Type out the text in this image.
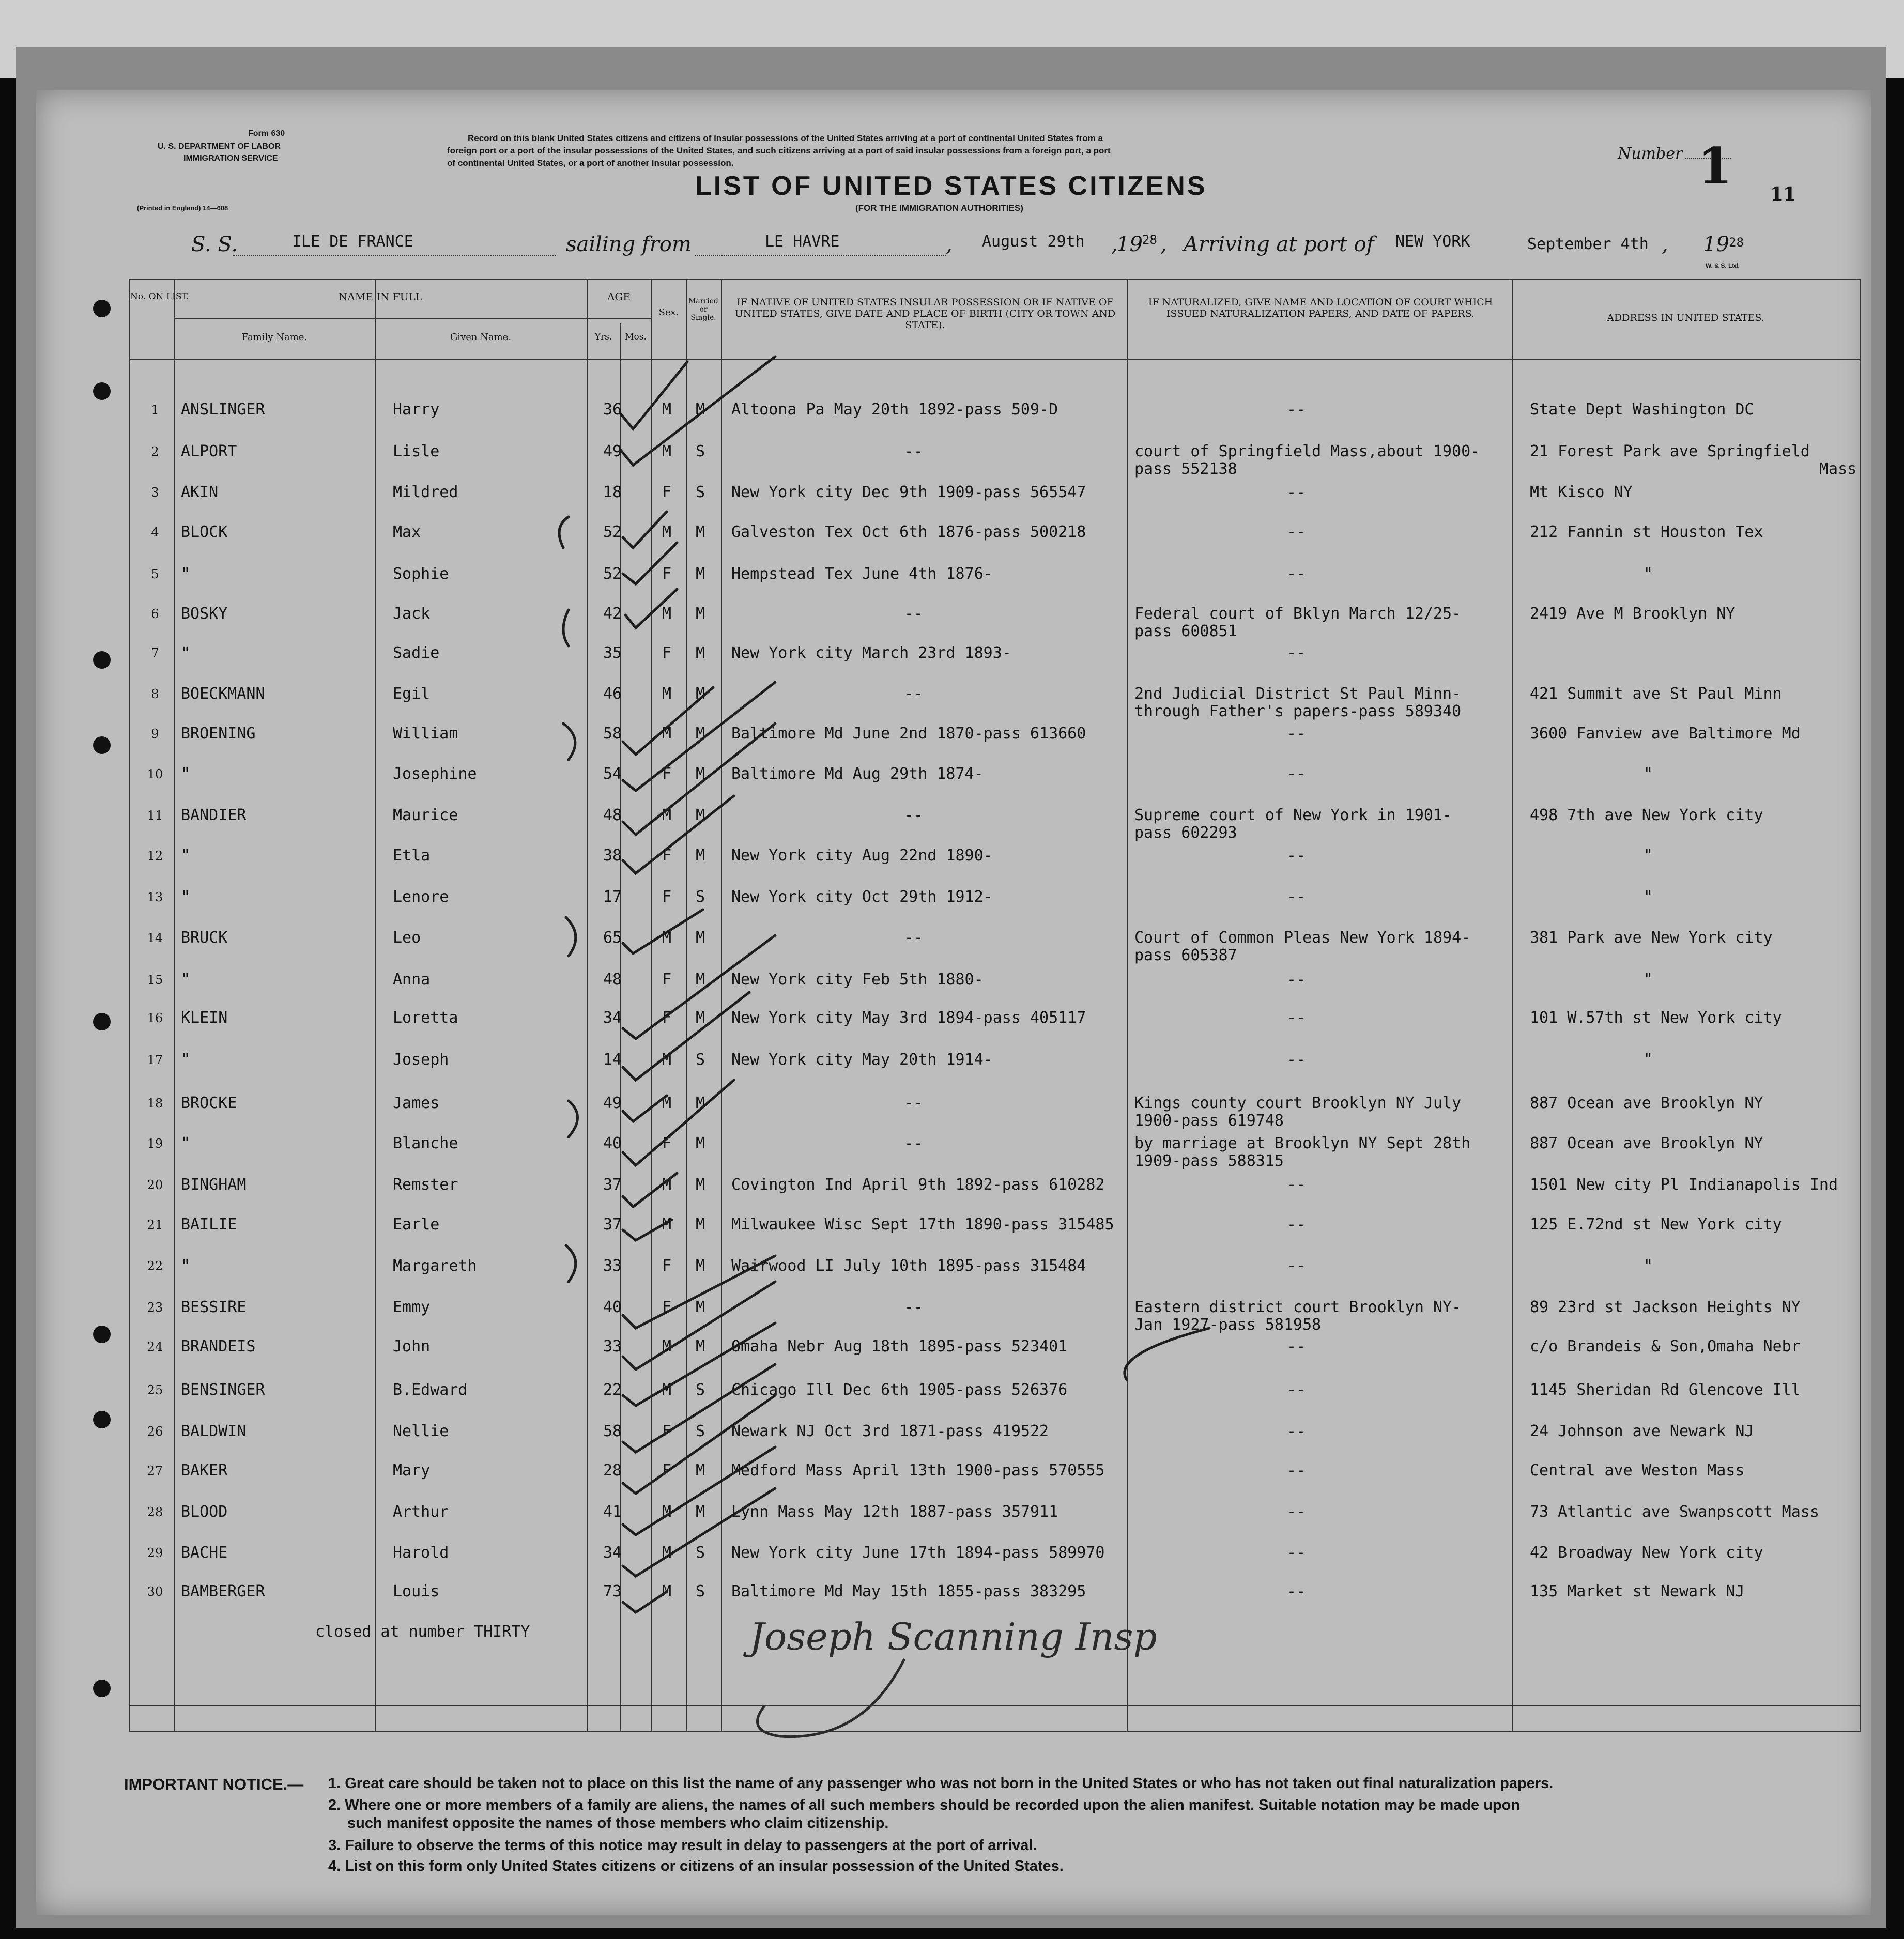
Form 630
U. S. DEPARTMENT OF LABOR
IMMIGRATION SERVICE
(Printed in England) 14—608
Record on this blank United States citizens and citizens of insular possessions of the United States arriving at a port of continental United States from a
foreign port or a port of the insular possessions of the United States, and such citizens arriving at a port of said insular possessions from a foreign port, a port
of continental United States, or a port of another insular possession.
LIST OF UNITED STATES CITIZENS
(FOR THE IMMIGRATION AUTHORITIES)
Number 1 11
S. S.	ILE DE FRANCE	sailing from	LE HAVRE	, August 29th ,
19 28 , Arriving at port of NEW YORK	September 4th , 19 28
W. & S. Ltd.
No. ON LIST.	NAME IN FULL
Family Name.	Given Name.
AGE
Yrs.	Mos.
Sex.
Married or Single.
IF NATIVE OF UNITED STATES INSULAR POSSESSION OR IF NATIVE OF UNITED STATES, GIVE DATE AND PLACE OF BIRTH (CITY OR TOWN AND STATE).
IF NATURALIZED, GIVE NAME AND LOCATION OF COURT WHICH ISSUED NATURALIZATION PAPERS, AND DATE OF PAPERS.	ADDRESS IN UNITED STATES.
1	ANSLINGER	Harry	36	M	M	Altoona Pa May 20th 1892-pass 509-D	--	State Dept Washington DC
2	ALPORT	Lisle	49	M	S	--	court of Springfield Mass,about 1900-
pass 552138
21 Forest Park ave Springfield
Mass
3	AKIN	Mildred	18	F	S	New York city Dec 9th 1909-pass 565547	--	Mt Kisco NY
4	BLOCK	Max	52	M	M	Galveston Tex Oct 6th 1876-pass 500218	--	212 Fannin st Houston Tex
5	"	Sophie	52	F	M	Hempstead Tex June 4th 1876-	--	"
6	BOSKY	Jack	42	M	M	--	Federal court of Bklyn March 12/25-
pass 600851
2419 Ave M Brooklyn NY
7	"	Sadie	35	F	M	New York city March 23rd 1893-	--
8	BOECKMANN	Egil	46	M	M	--	2nd Judicial District St Paul Minn-
through Father's papers-pass 589340
421 Summit ave St Paul Minn
9	BROENING	William	58	M	M	Baltimore Md June 2nd 1870-pass 613660	--	3600 Fanview ave Baltimore Md
10	"	Josephine	54	F	M	Baltimore Md Aug 29th 1874-	--	"
11	BANDIER	Maurice	48	M	M	--	Supreme court of New York in 1901-
pass 602293
498 7th ave New York city
12	"	Etla	38	F	M	New York city Aug 22nd 1890-	--	"
13	"	Lenore	17	F	S	New York city Oct 29th 1912-	--	"
14	BRUCK	Leo	65	M	M	--	Court of Common Pleas New York 1894-
pass 605387
381 Park ave New York city
15	"	Anna	48	F	M	New York city Feb 5th 1880-	--	"
16	KLEIN	Loretta	34	F	M	New York city May 3rd 1894-pass 405117	--	101 W.57th st New York city
17	"	Joseph	14	M	S	New York city May 20th 1914-	--	"
18	BROCKE	James	49	M	M	--	Kings county court Brooklyn NY July
1900-pass 619748
887 Ocean ave Brooklyn NY
19	"	Blanche	40	F	M	--	by marriage at Brooklyn NY Sept 28th
1909-pass 588315
887 Ocean ave Brooklyn NY
20	BINGHAM	Remster	37	M	M	Covington Ind April 9th 1892-pass 610282	--	1501 New city Pl Indianapolis Ind
21	BAILIE	Earle	37	M	M	Milwaukee Wisc Sept 17th 1890-pass 315485	--	125 E.72nd st New York city
22	"	Margareth	33	F	M	Wairwood LI July 10th 1895-pass 315484	--	"
23	BESSIRE	Emmy	40	F	M	--	Eastern district court Brooklyn NY-
Jan 1927-pass 581958
89 23rd st Jackson Heights NY
24	BRANDEIS	John	33	M	M	Omaha Nebr Aug 18th 1895-pass 523401	--	c/o Brandeis & Son,Omaha Nebr
25	BENSINGER	B.Edward	22	M	S	Chicago Ill Dec 6th 1905-pass 526376	--	1145 Sheridan Rd Glencove Ill
26	BALDWIN	Nellie	58	F	S	Newark NJ Oct 3rd 1871-pass 419522	--	24 Johnson ave Newark NJ
27	BAKER	Mary	28	F	M	Medford Mass April 13th 1900-pass 570555	--	Central ave Weston Mass
28	BLOOD	Arthur	41	M	M	Lynn Mass May 12th 1887-pass 357911	--	73 Atlantic ave Swanpscott Mass
29	BACHE	Harold	34	M	S	New York city June 17th 1894-pass 589970	--	42 Broadway New York city
30	BAMBERGER	Louis	73	M	S	Baltimore Md May 15th 1855-pass 383295	--	135 Market st Newark NJ
closed at number THIRTY	Joseph Scanning Insp
IMPORTANT NOTICE.— 1. Great care should be taken not to place on this list the name of any passenger who was not born in the United States or who has not taken out final naturalization papers.
2. Where one or more members of a family are aliens, the names of all such members should be recorded upon the alien manifest. Suitable notation may be made upon
such manifest opposite the names of those members who claim citizenship.
3. Failure to observe the terms of this notice may result in delay to passengers at the port of arrival.
4. List on this form only United States citizens or citizens of an insular possession of the United States.
